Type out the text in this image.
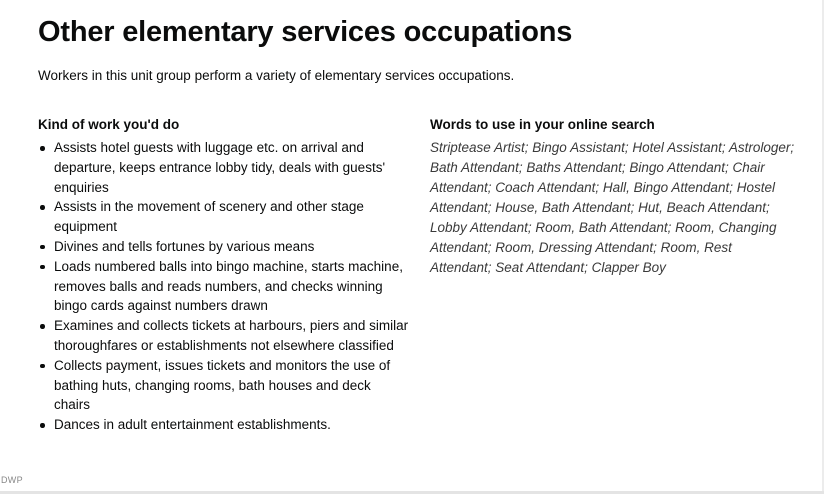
Other elementary services occupations
Workers in this unit group perform a variety of elementary services occupations.
Kind of work you'd do
Assists hotel guests with luggage etc. on arrival and departure, keeps entrance lobby tidy, deals with guests' enquiries
Assists in the movement of scenery and other stage equipment
Divines and tells fortunes by various means
Loads numbered balls into bingo machine, starts machine, removes balls and reads numbers, and checks winning bingo cards against numbers drawn
Examines and collects tickets at harbours, piers and similar thoroughfares or establishments not elsewhere classified
Collects payment, issues tickets and monitors the use of bathing huts, changing rooms, bath houses and deck chairs
Dances in adult entertainment establishments.
Words to use in your online search

Striptease Artist; Bingo Assistant; Hotel Assistant; Astrologer; Bath Attendant; Baths Attendant; Bingo Attendant; Chair Attendant; Coach Attendant; Hall, Bingo Attendant; Hostel Attendant; House, Bath Attendant; Hut, Beach Attendant; Lobby Attendant; Room, Bath Attendant; Room, Changing Attendant; Room, Dressing Attendant; Room, Rest Attendant; Seat Attendant; Clapper Boy

DWP
